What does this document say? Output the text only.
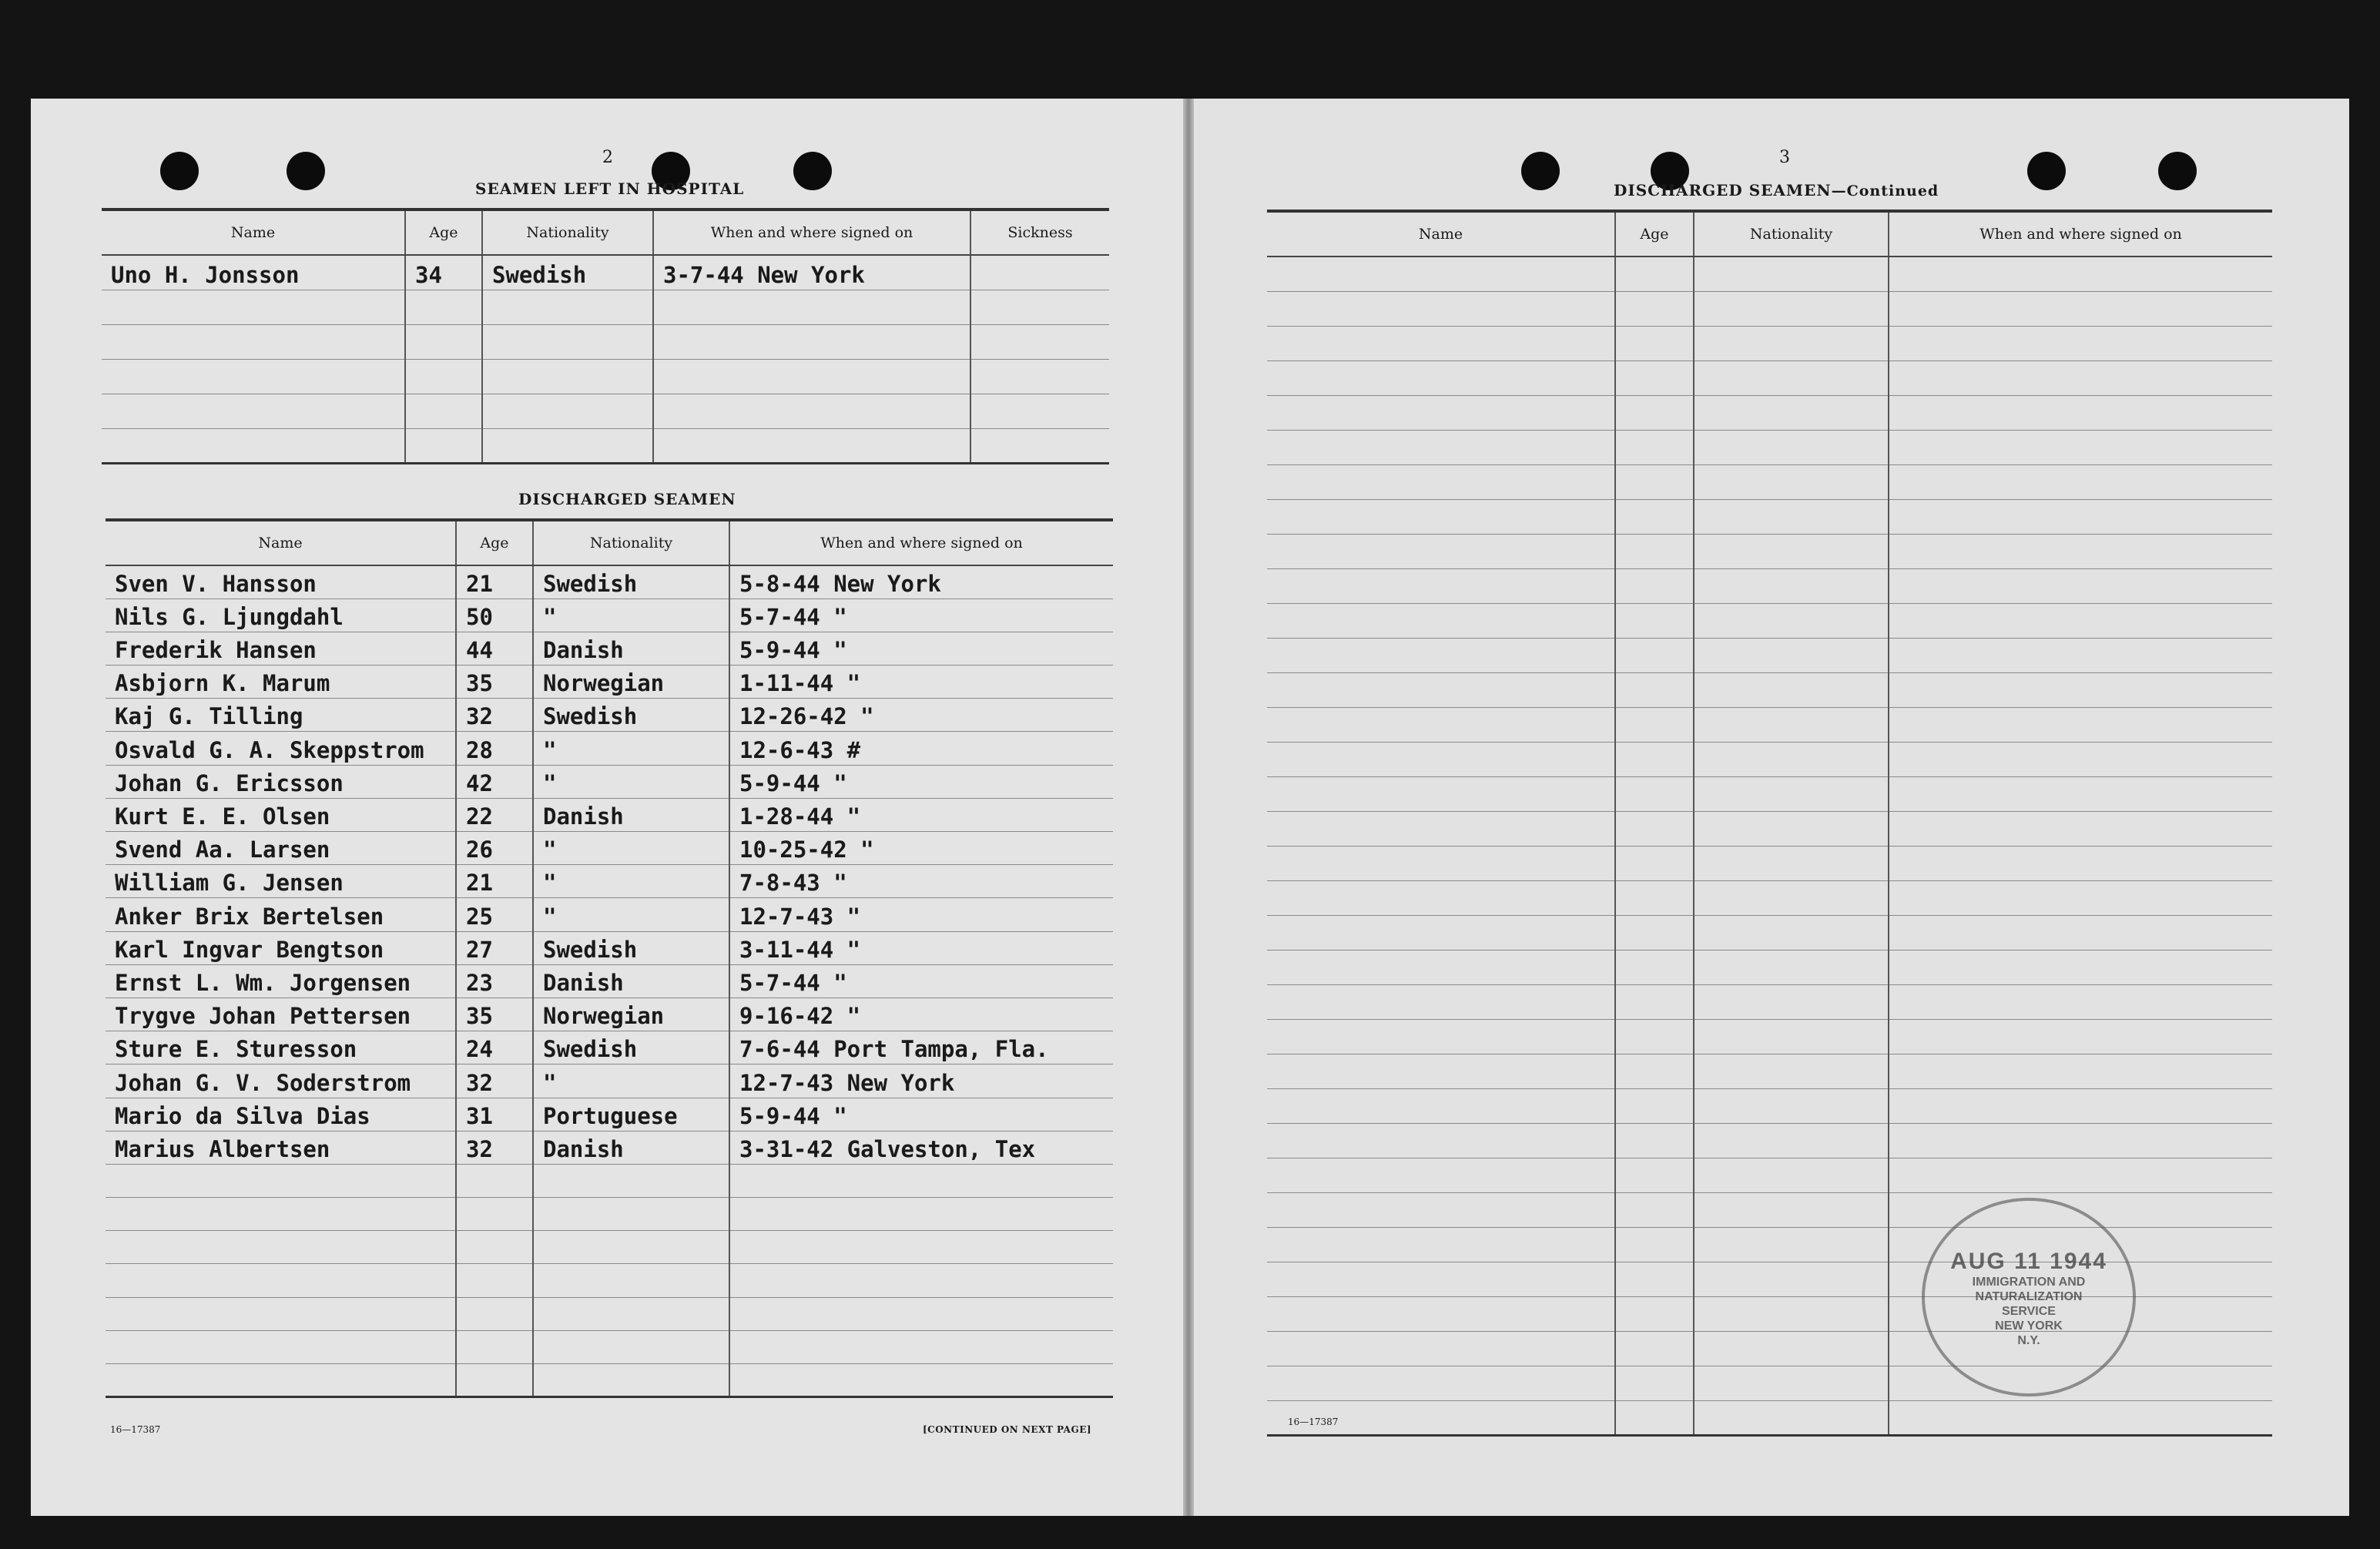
2
SEAMEN LEFT IN HOSPITAL
Name	Age	Nationality	When and where signed on	Sickness
Uno H. Jonsson	34	Swedish	3-7-44 New York	

DISCHARGED SEAMEN
Name	Age	Nationality	When and where signed on
Sven V. Hansson	21	Swedish	5-8-44 New York
Nils G. Ljungdahl	50	"	5-7-44 "
Frederik Hansen	44	Danish	5-9-44 "
Asbjorn K. Marum	35	Norwegian	1-11-44 "
Kaj G. Tilling	32	Swedish	12-26-42 "
Osvald G. A. Skeppstrom	28	"	12-6-43 #
Johan G. Ericsson	42	"	5-9-44 "
Kurt E. E. Olsen	22	Danish	1-28-44 "
Svend Aa. Larsen	26	"	10-25-42 "
William G. Jensen	21	"	7-8-43 "
Anker Brix Bertelsen	25	"	12-7-43 "
Karl Ingvar Bengtson	27	Swedish	3-11-44 "
Ernst L. Wm. Jorgensen	23	Danish	5-7-44 "
Trygve Johan Pettersen	35	Norwegian	9-16-42 "
Sture E. Sturesson	24	Swedish	7-6-44 Port Tampa, Fla.
Johan G. V. Soderstrom	32	"	12-7-43 New York
Mario da Silva Dias	31	Portuguese	5-9-44 "
Marius Albertsen	32	Danish	3-31-42 Galveston, Tex

16—17387	[CONTINUED ON NEXT PAGE]
3
DISCHARGED SEAMEN—Continued
Name	Age	Nationality	When and where signed on

16—17387
AUG 11 1944
IMMIGRATION AND
NATURALIZATION
SERVICE
NEW YORK
N.Y.
